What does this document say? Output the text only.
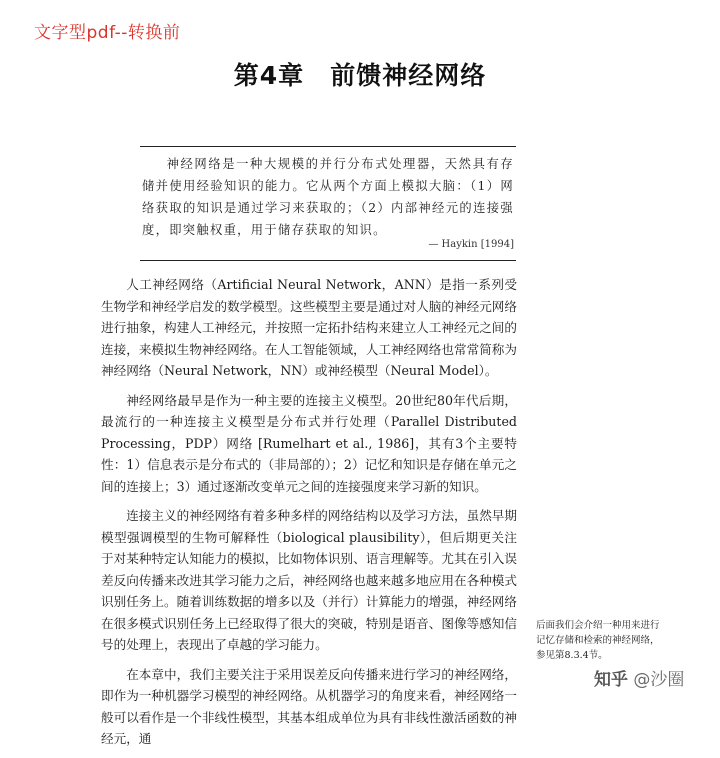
文字型pdf--转换前
第4章 前馈神经网络
神经网络是一种大规模的并行分布式处理器，天然具有存储并使用经验知识的能力。它从两个方面上模拟大脑：（1）网络获取的知识是通过学习来获取的；（2）内部神经元的连接强度，即突触权重，用于储存获取的知识。
— Haykin [1994]

人工神经网络（Artificial Neural Network，ANN）是指一系列受生物学和神经学启发的数学模型。这些模型主要是通过对人脑的神经元网络进行抽象，构建人工神经元，并按照一定拓扑结构来建立人工神经元之间的连接，来模拟生物神经网络。在人工智能领域，人工神经网络也常常简称为神经网络（Neural Network，NN）或神经模型（Neural Model）。

神经网络最早是作为一种主要的连接主义模型。20世纪80年代后期，最流行的一种连接主义模型是分布式并行处理（Parallel Distributed Processing，PDP）网络 [Rumelhart et al., 1986]，其有3个主要特性：1）信息表示是分布式的（非局部的）；2）记忆和知识是存储在单元之间的连接上；3）通过逐渐改变单元之间的连接强度来学习新的知识。

连接主义的神经网络有着多种多样的网络结构以及学习方法，虽然早期模型强调模型的生物可解释性（biological plausibility），但后期更关注于对某种特定认知能力的模拟，比如物体识别、语言理解等。尤其在引入误差反向传播来改进其学习能力之后，神经网络也越来越多地应用在各种模式识别任务上。随着训练数据的增多以及（并行）计算能力的增强，神经网络在很多模式识别任务上已经取得了很大的突破，特别是语音、图像等感知信号的处理上，表现出了卓越的学习能力。

在本章中，我们主要关注于采用误差反向传播来进行学习的神经网络，即作为一种机器学习模型的神经网络。从机器学习的角度来看，神经网络一般可以看作是一个非线性模型，其基本组成单位为具有非线性激活函数的神经元，通

后面我们会介绍一种用来进行记忆存储和检索的神经网络，参见第8.3.4节。
知乎 @沙圈
